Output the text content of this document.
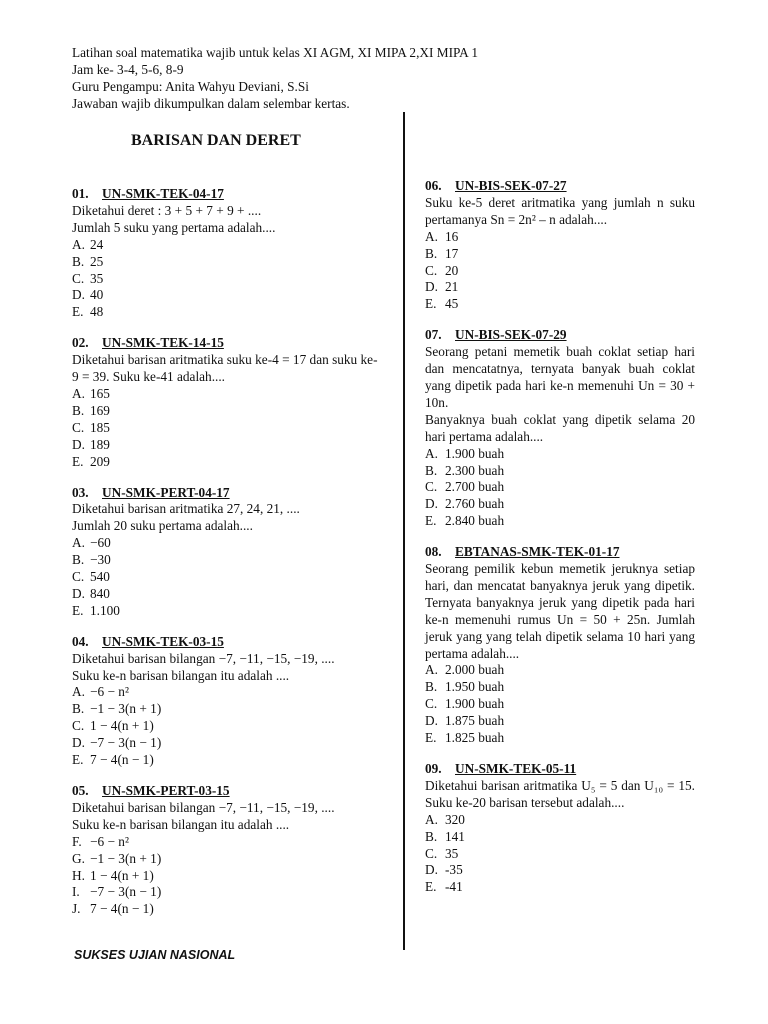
Latihan soal matematika wajib untuk kelas XI AGM, XI MIPA 2,XI MIPA 1
Jam ke- 3-4, 5-6, 8-9
Guru Pengampu: Anita Wahyu Deviani, S.Si
Jawaban wajib dikumpulkan dalam selembar kertas.
BARISAN DAN DERET
01. UN-SMK-TEK-04-17
Diketahui deret : 3 + 5 + 7 + 9 + ....
Jumlah 5 suku yang pertama adalah....
A. 24
B. 25
C. 35
D. 40
E. 48
02. UN-SMK-TEK-14-15
Diketahui barisan aritmatika suku ke-4 = 17 dan suku ke-9 = 39. Suku ke-41 adalah....
A. 165
B. 169
C. 185
D. 189
E. 209
03. UN-SMK-PERT-04-17
Diketahui barisan aritmatika 27, 24, 21, ....
Jumlah 20 suku pertama adalah....
A. −60
B. −30
C. 540
D. 840
E. 1.100
04. UN-SMK-TEK-03-15
Diketahui barisan bilangan −7, −11, −15, −19, ....
Suku ke-n barisan bilangan itu adalah ....
A. −6 − n²
B. −1 − 3(n + 1)
C. 1 − 4(n + 1)
D. −7 − 3(n − 1)
E. 7 − 4(n − 1)
05. UN-SMK-PERT-03-15
Diketahui barisan bilangan −7, −11, −15, −19, ....
Suku ke-n barisan bilangan itu adalah ....
F. −6 − n²
G. −1 − 3(n + 1)
H. 1 − 4(n + 1)
I. −7 − 3(n − 1)
J. 7 − 4(n − 1)
06. UN-BIS-SEK-07-27
Suku ke-5 deret aritmatika yang jumlah n suku pertamanya Sn = 2n² – n adalah....
A. 16
B. 17
C. 20
D. 21
E. 45
07. UN-BIS-SEK-07-29
Seorang petani memetik buah coklat setiap hari dan mencatatnya, ternyata banyak buah coklat yang dipetik pada hari ke-n memenuhi Un = 30 + 10n.
Banyaknya buah coklat yang dipetik selama 20 hari pertama adalah....
A. 1.900 buah
B. 2.300 buah
C. 2.700 buah
D. 2.760 buah
E. 2.840 buah
08. EBTANAS-SMK-TEK-01-17
Seorang pemilik kebun memetik jeruknya setiap hari, dan mencatat banyaknya jeruk yang dipetik. Ternyata banyaknya jeruk yang dipetik pada hari ke-n memenuhi rumus Un = 50 + 25n. Jumlah jeruk yang yang telah dipetik selama 10 hari yang pertama adalah....
A. 2.000 buah
B. 1.950 buah
C. 1.900 buah
D. 1.875 buah
E. 1.825 buah
09. UN-SMK-TEK-05-11
Diketahui barisan aritmatika U₅ = 5 dan U₁₀ = 15. Suku ke-20 barisan tersebut adalah....
A. 320
B. 141
C. 35
D. -35
E. -41
SUKSES UJIAN NASIONAL
